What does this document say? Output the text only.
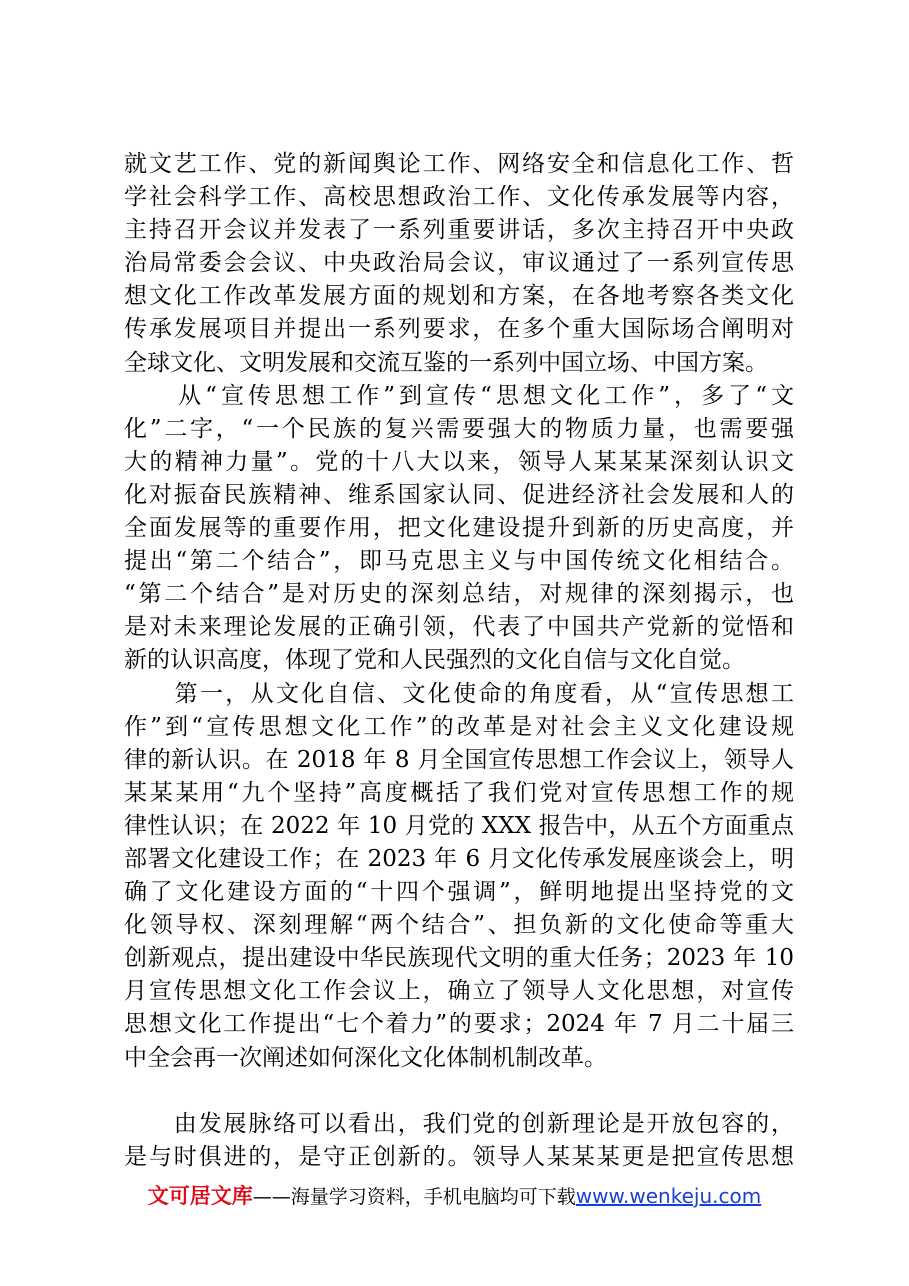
就文艺工作、党的新闻舆论工作、网络安全和信息化工作、哲
学社会科学工作、高校思想政治工作、文化传承发展等内容，
主持召开会议并发表了一系列重要讲话，多次主持召开中央政
治局常委会会议、中央政治局会议，审议通过了一系列宣传思
想文化工作改革发展方面的规划和方案，在各地考察各类文化
传承发展项目并提出一系列要求，在多个重大国际场合阐明对
全球文化、文明发展和交流互鉴的一系列中国立场、中国方案。
　　从“宣传思想工作”到宣传“思想文化工作”，多了“文
化”二字，“一个民族的复兴需要强大的物质力量，也需要强
大的精神力量”。党的十八大以来，领导人某某某深刻认识文
化对振奋民族精神、维系国家认同、促进经济社会发展和人的
全面发展等的重要作用，把文化建设提升到新的历史高度，并
提出“第二个结合”，即马克思主义与中国传统文化相结合。
“第二个结合”是对历史的深刻总结，对规律的深刻揭示，也
是对未来理论发展的正确引领，代表了中国共产党新的觉悟和
新的认识高度，体现了党和人民强烈的文化自信与文化自觉。
　　第一，从文化自信、文化使命的角度看，从“宣传思想工
作”到“宣传思想文化工作”的改革是对社会主义文化建设规
律的新认识。在 2018 年 8 月全国宣传思想工作会议上，领导人
某某某用“九个坚持”高度概括了我们党对宣传思想工作的规
律性认识；在 2022 年 10 月党的 XXX 报告中，从五个方面重点
部署文化建设工作；在 2023 年 6 月文化传承发展座谈会上，明
确了文化建设方面的“十四个强调”，鲜明地提出坚持党的文
化领导权、深刻理解“两个结合”、担负新的文化使命等重大
创新观点，提出建设中华民族现代文明的重大任务；2023 年 10
月宣传思想文化工作会议上，确立了领导人文化思想，对宣传
思想文化工作提出“七个着力”的要求；2024 年 7 月二十届三
中全会再一次阐述如何深化文化体制机制改革。
　　由发展脉络可以看出，我们党的创新理论是开放包容的，
是与时俱进的，是守正创新的。领导人某某某更是把宣传思想
文可居文库——海量学习资料，手机电脑均可下载www.wenkeju.com
